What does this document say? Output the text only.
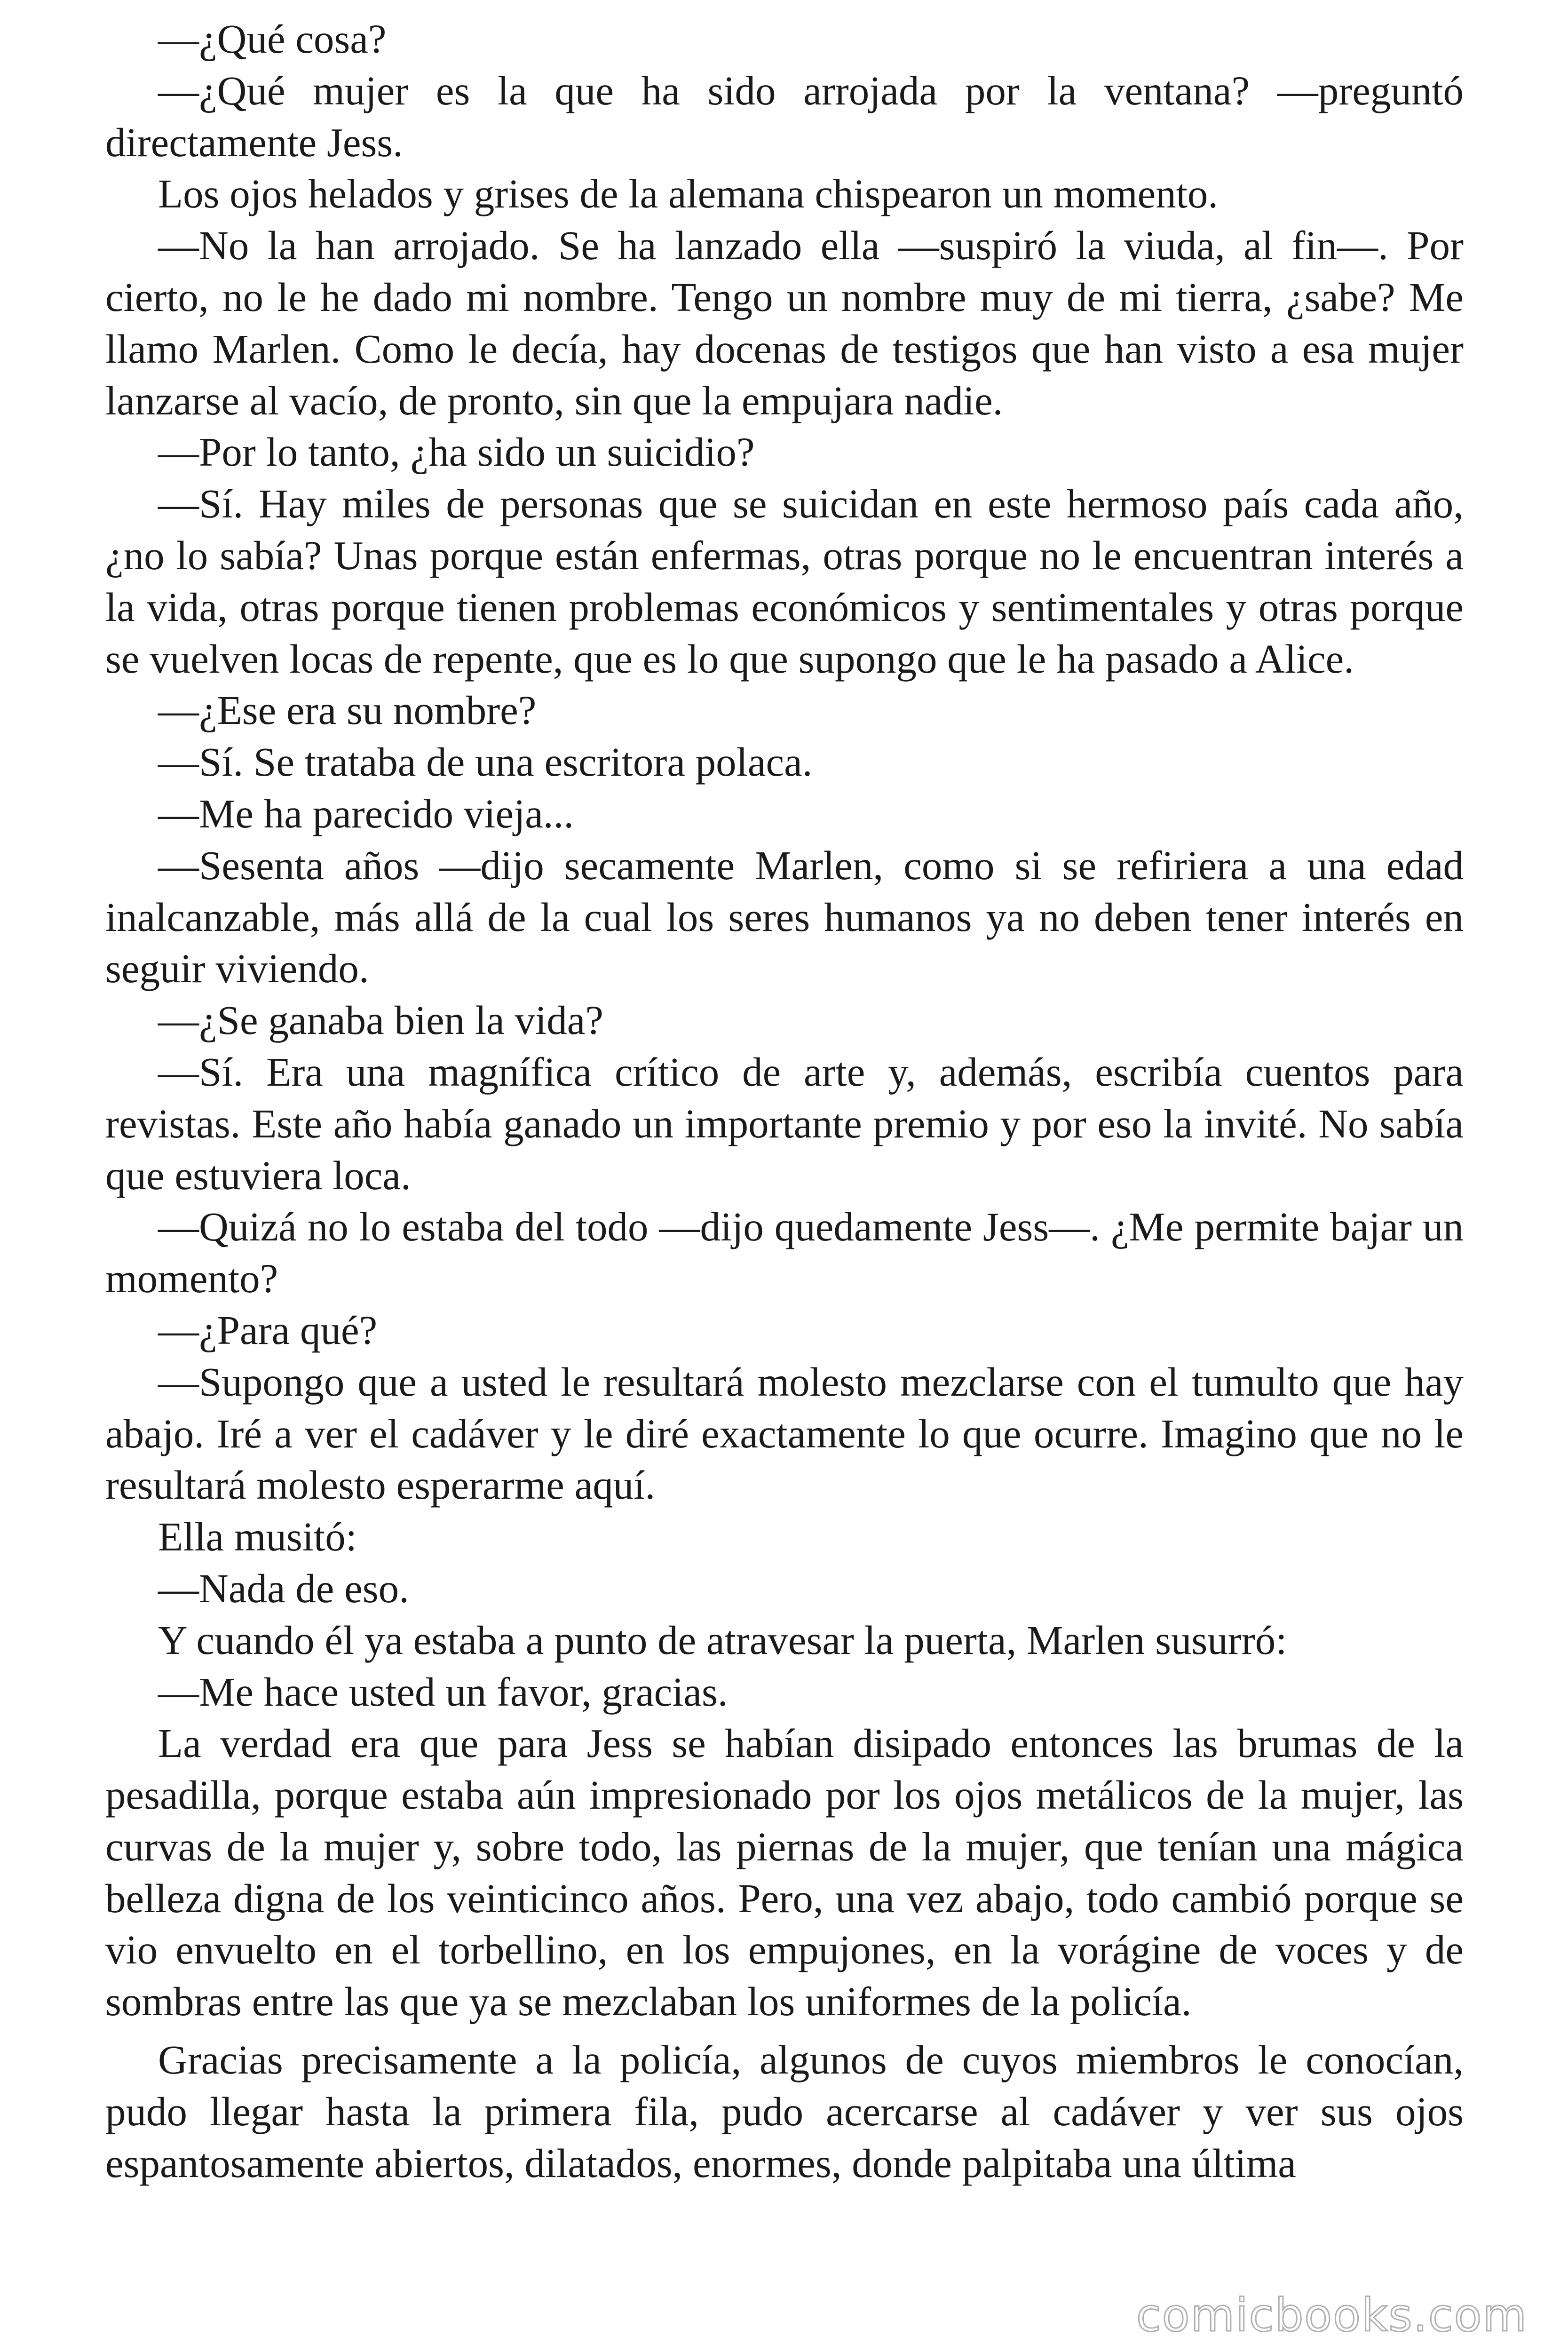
—¿Qué cosa?

—¿Qué mujer es la que ha sido arrojada por la ventana? —preguntó directamente Jess.

Los ojos helados y grises de la alemana chispearon un momento.

—No la han arrojado. Se ha lanzado ella —suspiró la viuda, al fin—. Por cierto, no le he dado mi nombre. Tengo un nombre muy de mi tierra, ¿sabe? Me llamo Marlen. Como le decía, hay docenas de testigos que han visto a esa mujer lanzarse al vacío, de pronto, sin que la empujara nadie.

—Por lo tanto, ¿ha sido un suicidio?

—Sí. Hay miles de personas que se suicidan en este hermoso país cada año, ¿no lo sabía? Unas porque están enfermas, otras porque no le encuentran interés a la vida, otras porque tienen problemas económicos y sentimentales y otras porque se vuelven locas de repente, que es lo que supongo que le ha pasado a Alice.

—¿Ese era su nombre?

—Sí. Se trataba de una escritora polaca.

—Me ha parecido vieja...

—Sesenta años —dijo secamente Marlen, como si se refiriera a una edad inalcanzable, más allá de la cual los seres humanos ya no deben tener interés en seguir viviendo.

—¿Se ganaba bien la vida?

—Sí. Era una magnífica crítico de arte y, además, escribía cuentos para revistas. Este año había ganado un importante premio y por eso la invité. No sabía que estuviera loca.

—Quizá no lo estaba del todo —dijo quedamente Jess—. ¿Me permite bajar un momento?

—¿Para qué?

—Supongo que a usted le resultará molesto mezclarse con el tumulto que hay abajo. Iré a ver el cadáver y le diré exactamente lo que ocurre. Imagino que no le resultará molesto esperarme aquí.

Ella musitó:

—Nada de eso.

Y cuando él ya estaba a punto de atravesar la puerta, Marlen susurró:

—Me hace usted un favor, gracias.

La verdad era que para Jess se habían disipado entonces las brumas de la pesadilla, porque estaba aún impresionado por los ojos metálicos de la mujer, las curvas de la mujer y, sobre todo, las piernas de la mujer, que tenían una mágica belleza digna de los veinticinco años. Pero, una vez abajo, todo cambió porque se vio envuelto en el torbellino, en los empujones, en la vorágine de voces y de sombras entre las que ya se mezclaban los uniformes de la policía.

Gracias precisamente a la policía, algunos de cuyos miembros le conocían, pudo llegar hasta la primera fila, pudo acercarse al cadáver y ver sus ojos espantosamente abiertos, dilatados, enormes, donde palpitaba una última

comicbooks.com
